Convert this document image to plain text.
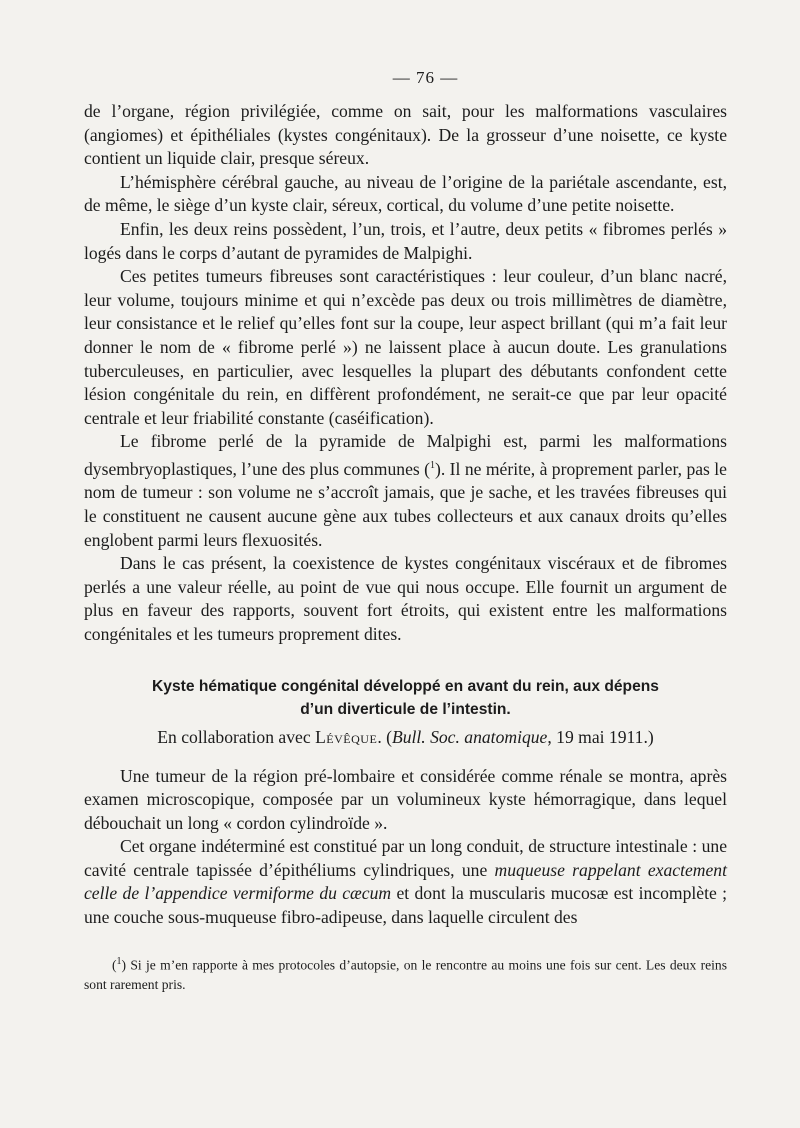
— 76 —

de l’organe, région privilégiée, comme on sait, pour les malformations vasculaires (angiomes) et épithéliales (kystes congénitaux). De la grosseur d’une noisette, ce kyste contient un liquide clair, presque séreux.

L’hémisphère cérébral gauche, au niveau de l’origine de la pariétale ascendante, est, de même, le siège d’un kyste clair, séreux, cortical, du volume d’une petite noisette.

Enfin, les deux reins possèdent, l’un, trois, et l’autre, deux petits « fibromes perlés » logés dans le corps d’autant de pyramides de Malpighi.

Ces petites tumeurs fibreuses sont caractéristiques : leur couleur, d’un blanc nacré, leur volume, toujours minime et qui n’excède pas deux ou trois millimètres de diamètre, leur consistance et le relief qu’elles font sur la coupe, leur aspect brillant (qui m’a fait leur donner le nom de « fibrome perlé ») ne laissent place à aucun doute. Les granulations tuberculeuses, en particulier, avec lesquelles la plupart des débutants confondent cette lésion congénitale du rein, en diffèrent profondément, ne serait-ce que par leur opacité centrale et leur friabilité constante (caséification).

Le fibrome perlé de la pyramide de Malpighi est, parmi les malformations dysembryoplastiques, l’une des plus communes ($^1$). Il ne mérite, à proprement parler, pas le nom de tumeur : son volume ne s’accroît jamais, que je sache, et les travées fibreuses qui le constituent ne causent aucune gène aux tubes collecteurs et aux canaux droits qu’elles englobent parmi leurs flexuosités.

Dans le cas présent, la coexistence de kystes congénitaux viscéraux et de fibromes perlés a une valeur réelle, au point de vue qui nous occupe. Elle fournit un argument de plus en faveur des rapports, souvent fort étroits, qui existent entre les malformations congénitales et les tumeurs proprement dites.

Kyste hématique congénital développé en avant du rein, aux dépens
d’un diverticule de l’intestin.
En collaboration avec Lévêque. (Bull. Soc. anatomique, 19 mai 1911.)

Une tumeur de la région pré-lombaire et considérée comme rénale se montra, après examen microscopique, composée par un volumineux kyste hémorragique, dans lequel débouchait un long « cordon cylindroïde ».

Cet organe indéterminé est constitué par un long conduit, de structure intestinale : une cavité centrale tapissée d’épithéliums cylindriques, une muqueuse rappelant exactement celle de l’appendice vermiforme du cæcum et dont la muscularis mucosæ est incomplète ; une couche sous-muqueuse fibro-adipeuse, dans laquelle circulent des

($^1$) Si je m’en rapporte à mes protocoles d’autopsie, on le rencontre au moins une fois sur cent. Les deux reins sont rarement pris.
